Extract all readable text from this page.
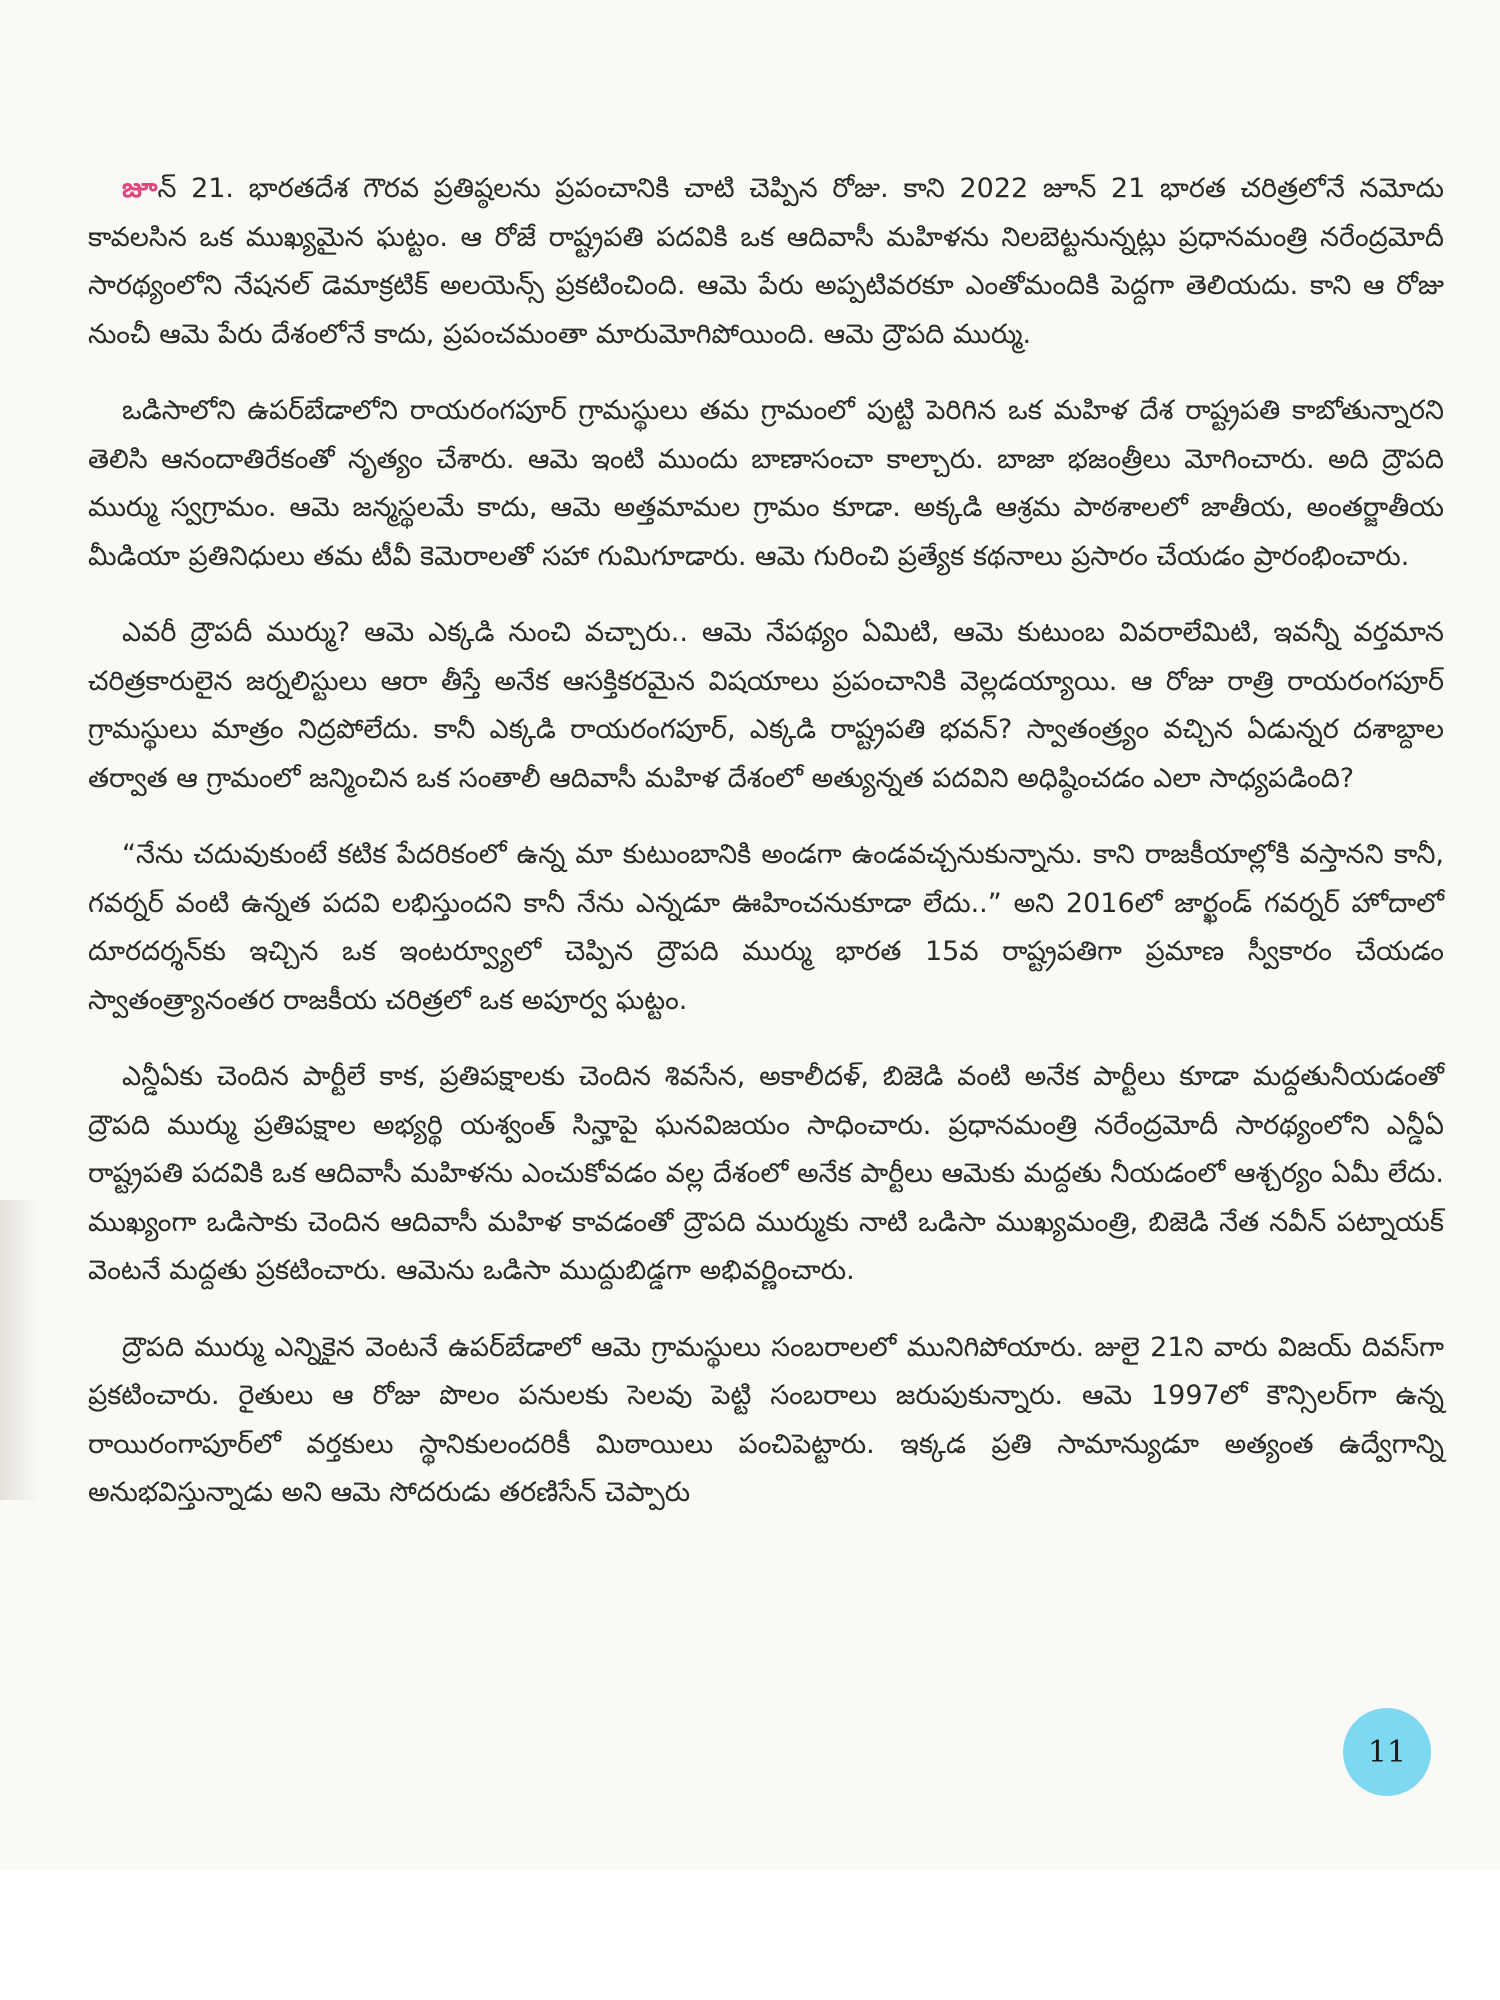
జూన్ 21. భారతదేశ గౌరవ ప్రతిష్ఠలను ప్రపంచానికి చాటి చెప్పిన రోజు. కాని 2022 జూన్ 21 భారత చరిత్రలోనే నమోదు కావలసిన ఒక ముఖ్యమైన ఘట్టం. ఆ రోజే రాష్ట్రపతి పదవికి ఒక ఆదివాసీ మహిళను నిలబెట్టనున్నట్లు ప్రధానమంత్రి నరేంద్రమోదీ సారథ్యంలోని నేషనల్ డెమాక్రటిక్ అలయెన్స్ ప్రకటించింది. ఆమె పేరు అప్పటివరకూ ఎంతోమందికి పెద్దగా తెలియదు. కాని ఆ రోజు నుంచీ ఆమె పేరు దేశంలోనే కాదు, ప్రపంచమంతా మారుమోగిపోయింది. ఆమె ద్రౌపది ముర్ము.

ఒడిసాలోని ఉపర్‌బేడాలోని రాయరంగపూర్ గ్రామస్థులు తమ గ్రామంలో పుట్టి పెరిగిన ఒక మహిళ దేశ రాష్ట్రపతి కాబోతున్నారని తెలిసి ఆనందాతిరేకంతో నృత్యం చేశారు. ఆమె ఇంటి ముందు బాణాసంచా కాల్చారు. బాజా భజంత్రీలు మోగించారు. అది ద్రౌపది ముర్ము స్వగ్రామం. ఆమె జన్మస్థలమే కాదు, ఆమె అత్తమామల గ్రామం కూడా. అక్కడి ఆశ్రమ పాఠశాలలో జాతీయ, అంతర్జాతీయ మీడియా ప్రతినిధులు తమ టీవీ కెమెరాలతో సహా గుమిగూడారు. ఆమె గురించి ప్రత్యేక కథనాలు ప్రసారం చేయడం ప్రారంభించారు.

ఎవరీ ద్రౌపదీ ముర్ము? ఆమె ఎక్కడి నుంచి వచ్చారు.. ఆమె నేపథ్యం ఏమిటి, ఆమె కుటుంబ వివరాలేమిటి, ఇవన్నీ వర్తమాన చరిత్రకారులైన జర్నలిస్టులు ఆరా తీస్తే అనేక ఆసక్తికరమైన విషయాలు ప్రపంచానికి వెల్లడయ్యాయి. ఆ రోజు రాత్రి రాయరంగపూర్ గ్రామస్థులు మాత్రం నిద్రపోలేదు. కానీ ఎక్కడి రాయరంగపూర్, ఎక్కడి రాష్ట్రపతి భవన్? స్వాతంత్ర్యం వచ్చిన ఏడున్నర దశాబ్దాల తర్వాత ఆ గ్రామంలో జన్మించిన ఒక సంతాలీ ఆదివాసీ మహిళ దేశంలో అత్యున్నత పదవిని అధిష్ఠించడం ఎలా సాధ్యపడింది?

“నేను చదువుకుంటే కటిక పేదరికంలో ఉన్న మా కుటుంబానికి అండగా ఉండవచ్చనుకున్నాను. కాని రాజకీయాల్లోకి వస్తానని కానీ, గవర్నర్ వంటి ఉన్నత పదవి లభిస్తుందని కానీ నేను ఎన్నడూ ఊహించనుకూడా లేదు..” అని 2016లో జార్ఖండ్ గవర్నర్ హోదాలో దూరదర్శన్‌కు ఇచ్చిన ఒక ఇంటర్వ్యూలో చెప్పిన ద్రౌపది ముర్ము భారత 15వ రాష్ట్రపతిగా ప్రమాణ స్వీకారం చేయడం స్వాతంత్ర్యానంతర రాజకీయ చరిత్రలో ఒక అపూర్వ ఘట్టం.

ఎన్డీఏకు చెందిన పార్టీలే కాక, ప్రతిపక్షాలకు చెందిన శివసేన, అకాలీదళ్, బిజెడి వంటి అనేక పార్టీలు కూడా మద్దతునీయడంతో ద్రౌపది ముర్ము ప్రతిపక్షాల అభ్యర్థి యశ్వంత్ సిన్హాపై ఘనవిజయం సాధించారు. ప్రధానమంత్రి నరేంద్రమోదీ సారథ్యంలోని ఎన్డీఏ రాష్ట్రపతి పదవికి ఒక ఆదివాసీ మహిళను ఎంచుకోవడం వల్ల దేశంలో అనేక పార్టీలు ఆమెకు మద్దతు నీయడంలో ఆశ్చర్యం ఏమీ లేదు. ముఖ్యంగా ఒడిసాకు చెందిన ఆదివాసీ మహిళ కావడంతో ద్రౌపది ముర్ముకు నాటి ఒడిసా ముఖ్యమంత్రి, బిజెడి నేత నవీన్ పట్నాయక్ వెంటనే మద్దతు ప్రకటించారు. ఆమెను ఒడిసా ముద్దుబిడ్డగా అభివర్ణించారు.

ద్రౌపది ముర్ము ఎన్నికైన వెంటనే ఉపర్‌బేడాలో ఆమె గ్రామస్థులు సంబరాలలో మునిగిపోయారు. జులై 21ని వారు విజయ్ దివస్‌గా ప్రకటించారు. రైతులు ఆ రోజు పొలం పనులకు సెలవు పెట్టి సంబరాలు జరుపుకున్నారు. ఆమె 1997లో కౌన్సిలర్‌గా ఉన్న రాయిరంగాపూర్‌లో వర్తకులు స్థానికులందరికీ మిఠాయిలు పంచిపెట్టారు. ఇక్కడ ప్రతి సామాన్యుడూ అత్యంత ఉద్వేగాన్ని అనుభవిస్తున్నాడు అని ఆమె సోదరుడు తరణిసేన్ చెప్పారు

11
